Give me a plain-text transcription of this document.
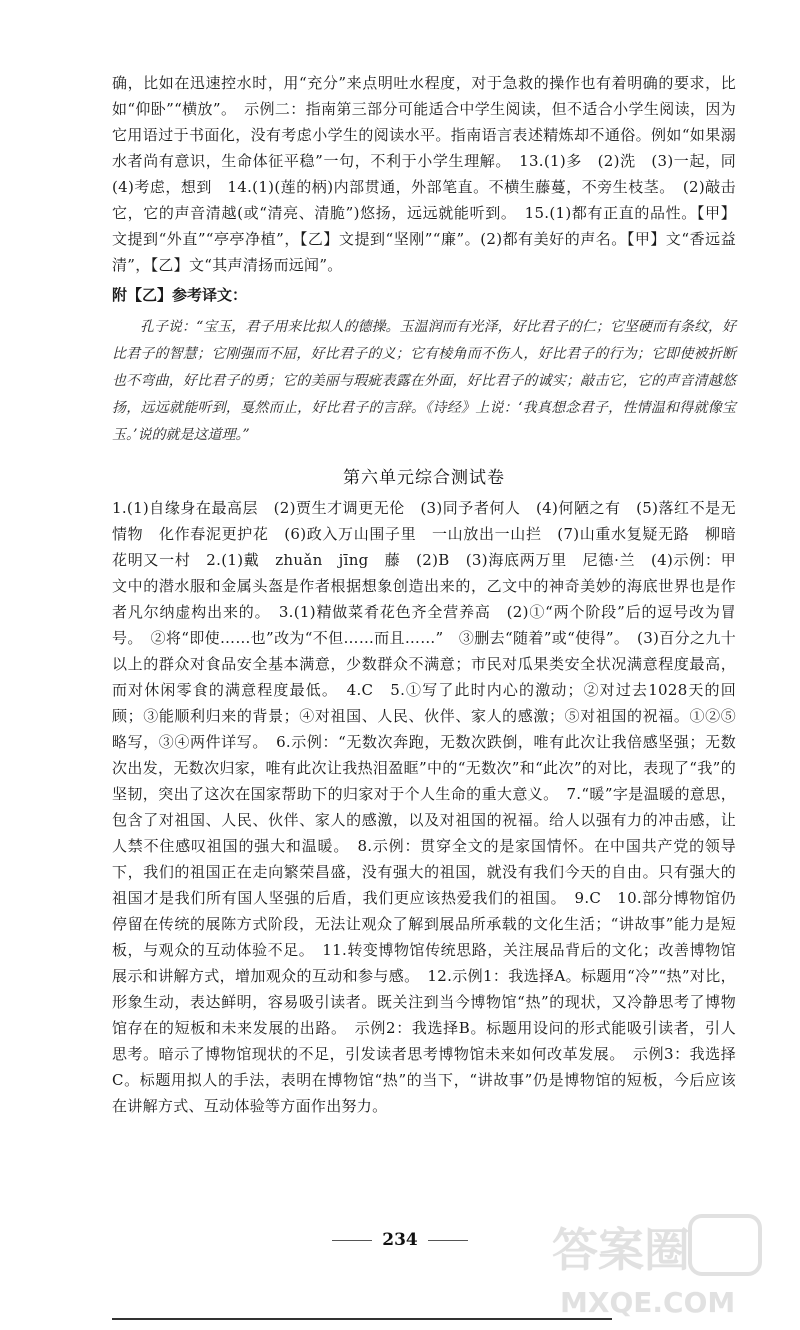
确，比如在迅速控水时，用“充分”来点明吐水程度，对于急救的操作也有着明确的要求，比如“仰卧”“横放”。　示例二：指南第三部分可能适合中学生阅读，但不适合小学生阅读，因为它用语过于书面化，没有考虑小学生的阅读水平。指南语言表述精炼却不通俗。例如“如果溺水者尚有意识，生命体征平稳”一句，不利于小学生理解。　13.(1)多　(2)洗　(3)一起，同　(4)考虑，想到　14.(1)(莲的柄)内部贯通，外部笔直。不横生藤蔓，不旁生枝茎。　(2)敲击它，它的声音清越(或“清亮、清脆”)悠扬，远远就能听到。　15.(1)都有正直的品性。【甲】文提到“外直”“亭亭净植”，【乙】文提到“坚刚”“廉”。(2)都有美好的声名。【甲】文“香远益清”，【乙】文“其声清扬而远闻”。

附【乙】参考译文：

孔子说：“宝玉，君子用来比拟人的德操。玉温润而有光泽，好比君子的仁；它坚硬而有条纹，好比君子的智慧；它刚强而不屈，好比君子的义；它有棱角而不伤人，好比君子的行为；它即使被折断也不弯曲，好比君子的勇；它的美丽与瑕疵表露在外面，好比君子的诚实；敲击它，它的声音清越悠扬，远远就能听到，戛然而止，好比君子的言辞。《诗经》上说：‘我真想念君子，性情温和得就像宝玉。’说的就是这道理。”

第六单元综合测试卷

1.(1)自缘身在最高层　(2)贾生才调更无伦　(3)同予者何人　(4)何陋之有　(5)落红不是无情物　化作春泥更护花　(6)政入万山围子里　一山放出一山拦　(7)山重水复疑无路　柳暗花明又一村　2.(1)戴　zhuǎn　jīng　藤　(2)B　(3)海底两万里　尼德·兰　(4)示例：甲文中的潜水服和金属头盔是作者根据想象创造出来的，乙文中的神奇美妙的海底世界也是作者凡尔纳虚构出来的。　3.(1)精做菜肴花色齐全营养高　(2)①“两个阶段”后的逗号改为冒号。　②将“即使……也”改为“不但……而且……”　③删去“随着”或“使得”。　(3)百分之九十以上的群众对食品安全基本满意，少数群众不满意；市民对瓜果类安全状况满意程度最高，而对休闲零食的满意程度最低。　4.C　5.①写了此时内心的激动；②对过去1028天的回顾；③能顺利归来的背景；④对祖国、人民、伙伴、家人的感激；⑤对祖国的祝福。①②⑤略写，③④两件详写。　6.示例：“无数次奔跑，无数次跌倒，唯有此次让我倍感坚强；无数次出发，无数次归家，唯有此次让我热泪盈眶”中的“无数次”和“此次”的对比，表现了“我”的坚韧，突出了这次在国家帮助下的归家对于个人生命的重大意义。　7.“暖”字是温暖的意思，包含了对祖国、人民、伙伴、家人的感激，以及对祖国的祝福。给人以强有力的冲击感，让人禁不住感叹祖国的强大和温暖。　8.示例：贯穿全文的是家国情怀。在中国共产党的领导下，我们的祖国正在走向繁荣昌盛，没有强大的祖国，就没有我们今天的自由。只有强大的祖国才是我们所有国人坚强的后盾，我们更应该热爱我们的祖国。　9.C　10.部分博物馆仍停留在传统的展陈方式阶段，无法让观众了解到展品所承载的文化生活；“讲故事”能力是短板，与观众的互动体验不足。　11.转变博物馆传统思路，关注展品背后的文化；改善博物馆展示和讲解方式，增加观众的互动和参与感。　12.示例1：我选择A。标题用“冷”“热”对比，形象生动，表达鲜明，容易吸引读者。既关注到当今博物馆“热”的现状，又冷静思考了博物馆存在的短板和未来发展的出路。　示例2：我选择B。标题用设问的形式能吸引读者，引人思考。暗示了博物馆现状的不足，引发读者思考博物馆未来如何改革发展。　示例3：我选择C。标题用拟人的手法，表明在博物馆“热”的当下，“讲故事”仍是博物馆的短板，今后应该在讲解方式、互动体验等方面作出努力。

234	答案圈
MXQE.COM
